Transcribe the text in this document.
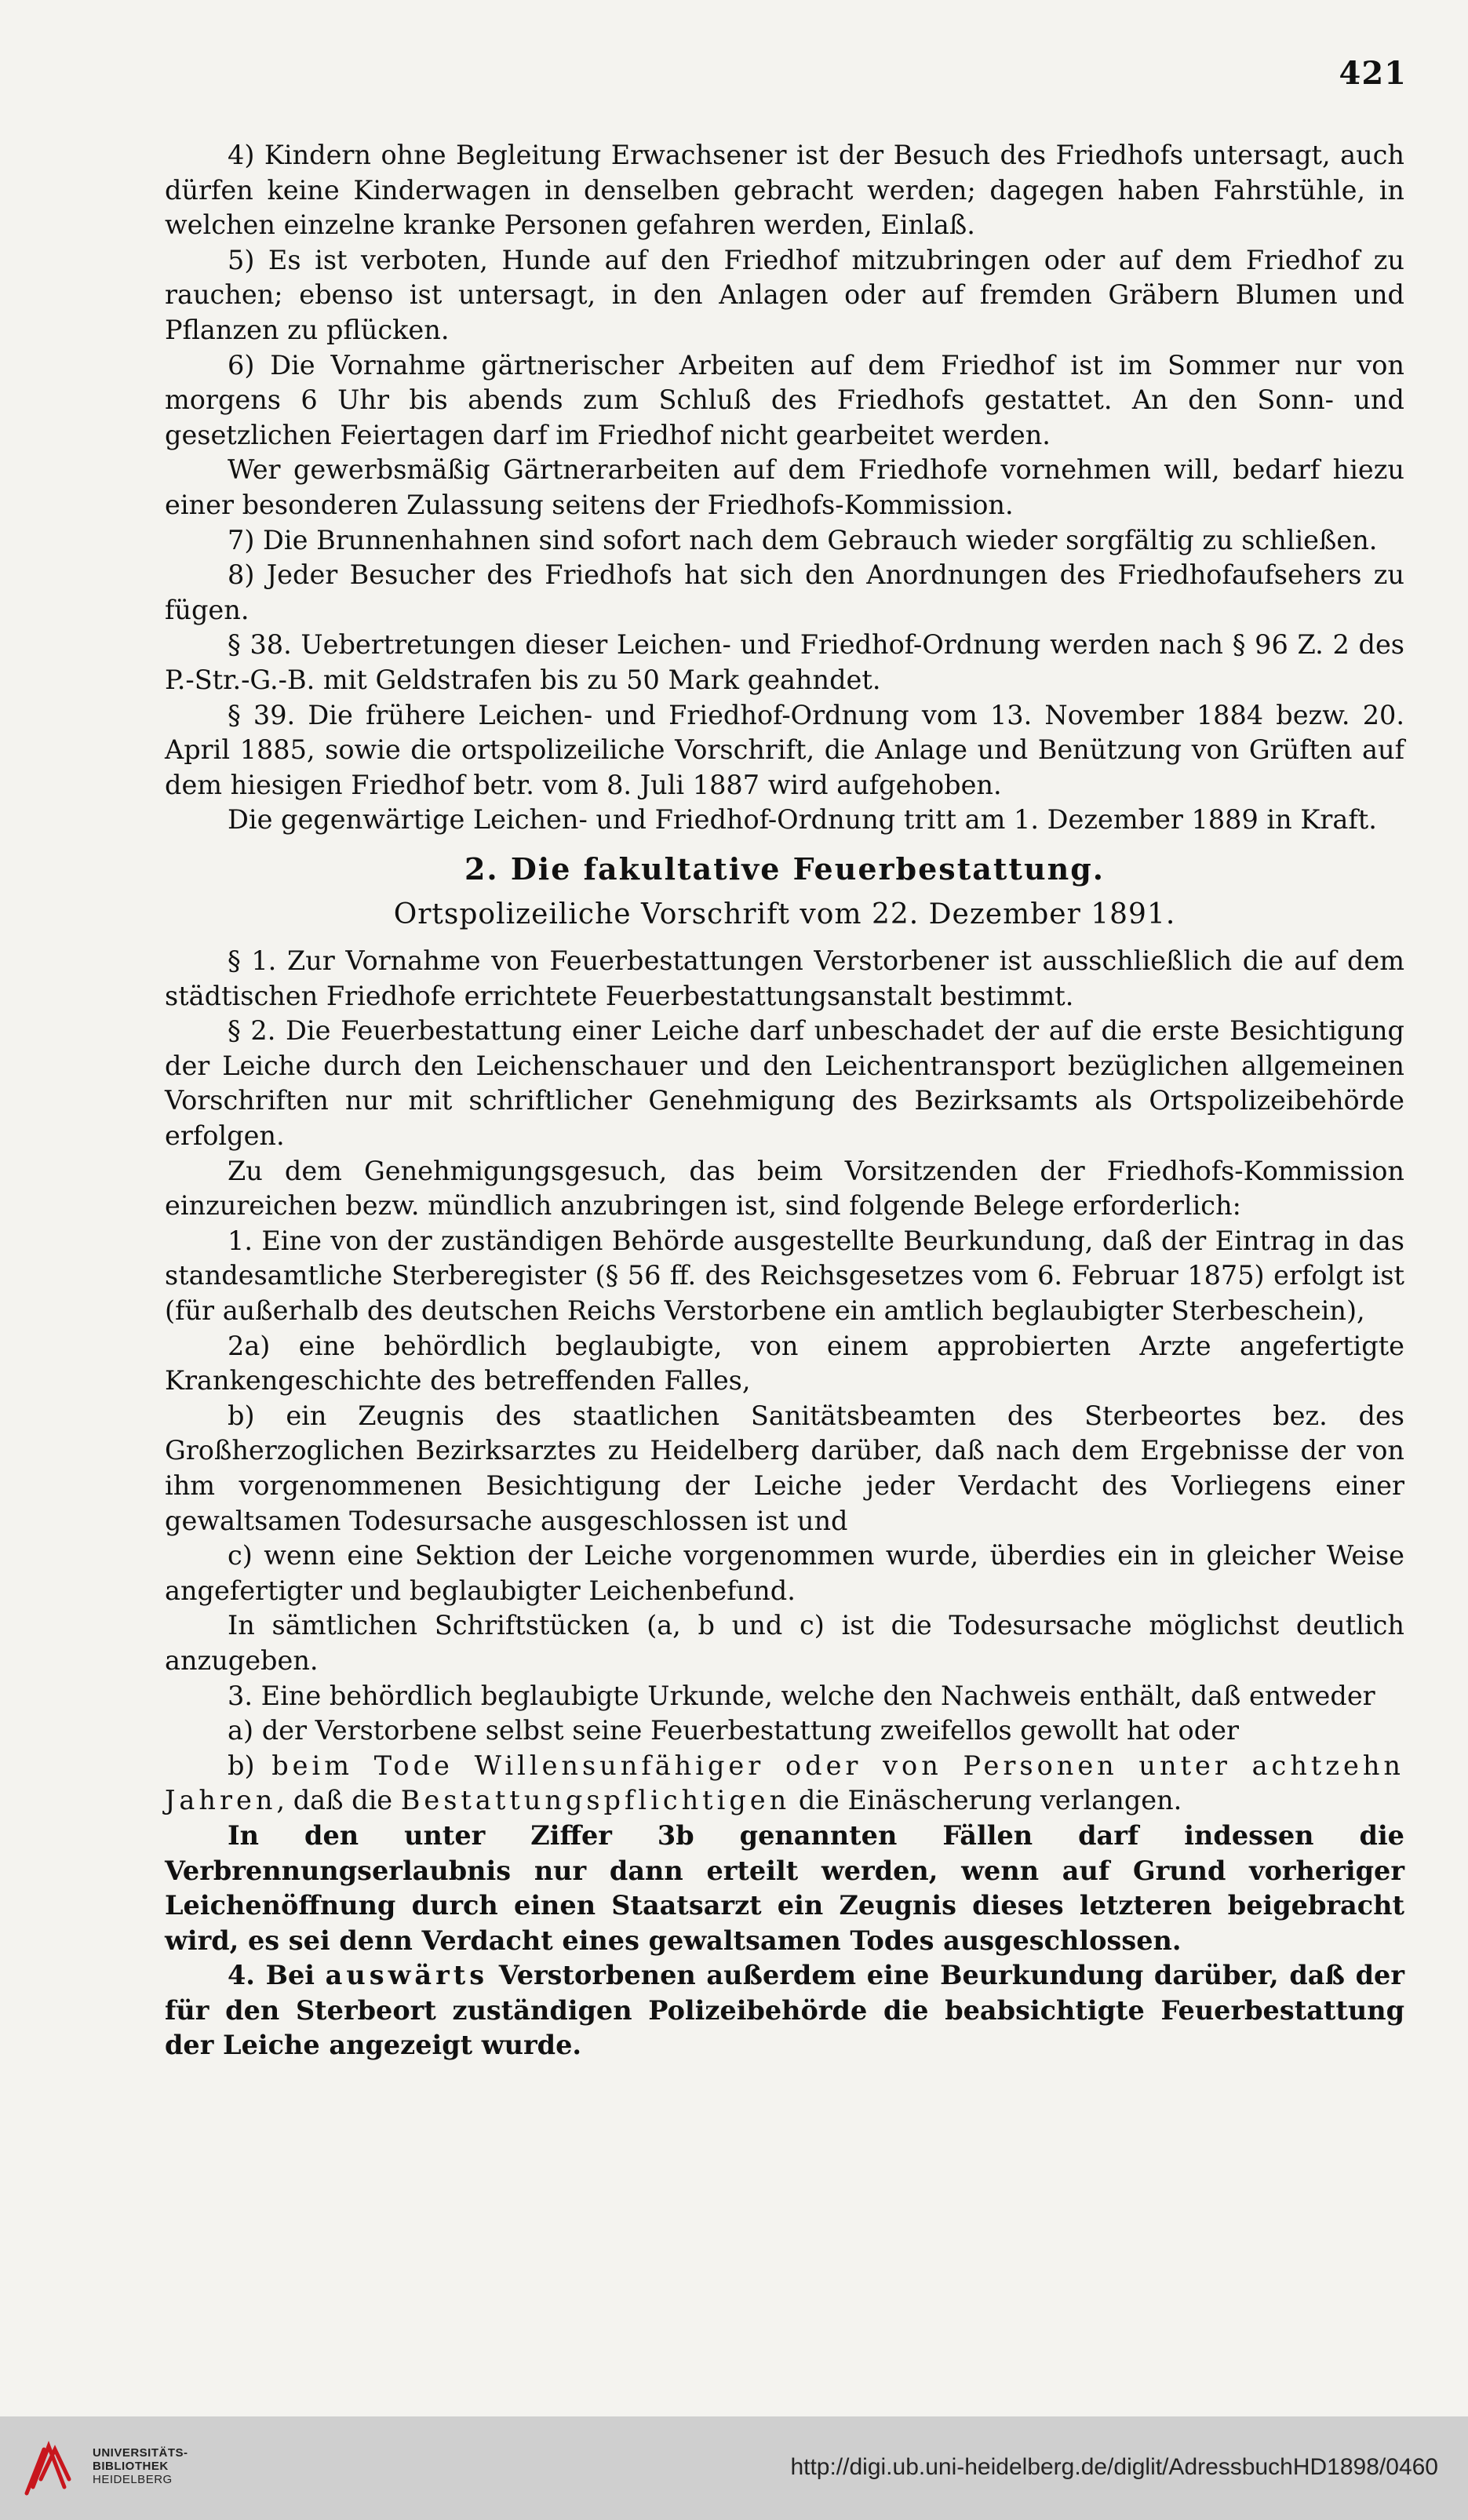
421

4) Kindern ohne Begleitung Erwachsener ist der Besuch des Friedhofs untersagt, auch dürfen keine Kinderwagen in denselben gebracht werden; dagegen haben Fahrstühle, in welchen einzelne kranke Personen gefahren werden, Einlaß.

5) Es ist verboten, Hunde auf den Friedhof mitzubringen oder auf dem Friedhof zu rauchen; ebenso ist untersagt, in den Anlagen oder auf fremden Gräbern Blumen und Pflanzen zu pflücken.

6) Die Vornahme gärtnerischer Arbeiten auf dem Friedhof ist im Sommer nur von morgens 6 Uhr bis abends zum Schluß des Friedhofs gestattet. An den Sonn- und gesetzlichen Feiertagen darf im Friedhof nicht gearbeitet werden.

Wer gewerbsmäßig Gärtnerarbeiten auf dem Friedhofe vornehmen will, bedarf hiezu einer besonderen Zulassung seitens der Friedhofs-Kommission.

7) Die Brunnenhahnen sind sofort nach dem Gebrauch wieder sorgfältig zu schließen.

8) Jeder Besucher des Friedhofs hat sich den Anordnungen des Friedhofaufsehers zu fügen.

§ 38. Uebertretungen dieser Leichen- und Friedhof-Ordnung werden nach § 96 Z. 2 des P.-Str.-G.-B. mit Geldstrafen bis zu 50 Mark geahndet.

§ 39. Die frühere Leichen- und Friedhof-Ordnung vom 13. November 1884 bezw. 20. April 1885, sowie die ortspolizeiliche Vorschrift, die Anlage und Benützung von Grüften auf dem hiesigen Friedhof betr. vom 8. Juli 1887 wird aufgehoben.

Die gegenwärtige Leichen- und Friedhof-Ordnung tritt am 1. Dezember 1889 in Kraft.

2. Die fakultative Feuerbestattung.
Ortspolizeiliche Vorschrift vom 22. Dezember 1891.

§ 1. Zur Vornahme von Feuerbestattungen Verstorbener ist ausschließlich die auf dem städtischen Friedhofe errichtete Feuerbestattungsanstalt bestimmt.

§ 2. Die Feuerbestattung einer Leiche darf unbeschadet der auf die erste Besichtigung der Leiche durch den Leichenschauer und den Leichentransport bezüglichen allgemeinen Vorschriften nur mit schriftlicher Genehmigung des Bezirksamts als Ortspolizeibehörde erfolgen.

Zu dem Genehmigungsgesuch, das beim Vorsitzenden der Friedhofs-Kommission einzureichen bezw. mündlich anzubringen ist, sind folgende Belege erforderlich:

1. Eine von der zuständigen Behörde ausgestellte Beurkundung, daß der Eintrag in das standesamtliche Sterberegister (§ 56 ff. des Reichsgesetzes vom 6. Februar 1875) erfolgt ist (für außerhalb des deutschen Reichs Verstorbene ein amtlich beglaubigter Sterbeschein),

2a) eine behördlich beglaubigte, von einem approbierten Arzte angefertigte Krankengeschichte des betreffenden Falles,

b) ein Zeugnis des staatlichen Sanitätsbeamten des Sterbeortes bez. des Großherzoglichen Bezirksarztes zu Heidelberg darüber, daß nach dem Ergebnisse der von ihm vorgenommenen Besichtigung der Leiche jeder Verdacht des Vorliegens einer gewaltsamen Todesursache ausgeschlossen ist und

c) wenn eine Sektion der Leiche vorgenommen wurde, überdies ein in gleicher Weise angefertigter und beglaubigter Leichenbefund.

In sämtlichen Schriftstücken (a, b und c) ist die Todesursache möglichst deutlich anzugeben.

3. Eine behördlich beglaubigte Urkunde, welche den Nachweis enthält, daß entweder

a) der Verstorbene selbst seine Feuerbestattung zweifellos gewollt hat oder

b) beim Tode Willensunfähiger oder von Personen unter achtzehn Jahren, daß die Bestattungspflichtigen die Einäscherung verlangen.

In den unter Ziffer 3b genannten Fällen darf indessen die Verbrennungserlaubnis nur dann erteilt werden, wenn auf Grund vorheriger Leichenöffnung durch einen Staatsarzt ein Zeugnis dieses letzteren beigebracht wird, es sei denn Verdacht eines gewaltsamen Todes ausgeschlossen.

4. Bei auswärts Verstorbenen außerdem eine Beurkundung darüber, daß der für den Sterbeort zuständigen Polizeibehörde die beabsichtigte Feuerbestattung der Leiche angezeigt wurde.

UNIVERSITÄTS-
BIBLIOTHEK
HEIDELBERG	http://digi.ub.uni-heidelberg.de/diglit/AdressbuchHD1898/0460
